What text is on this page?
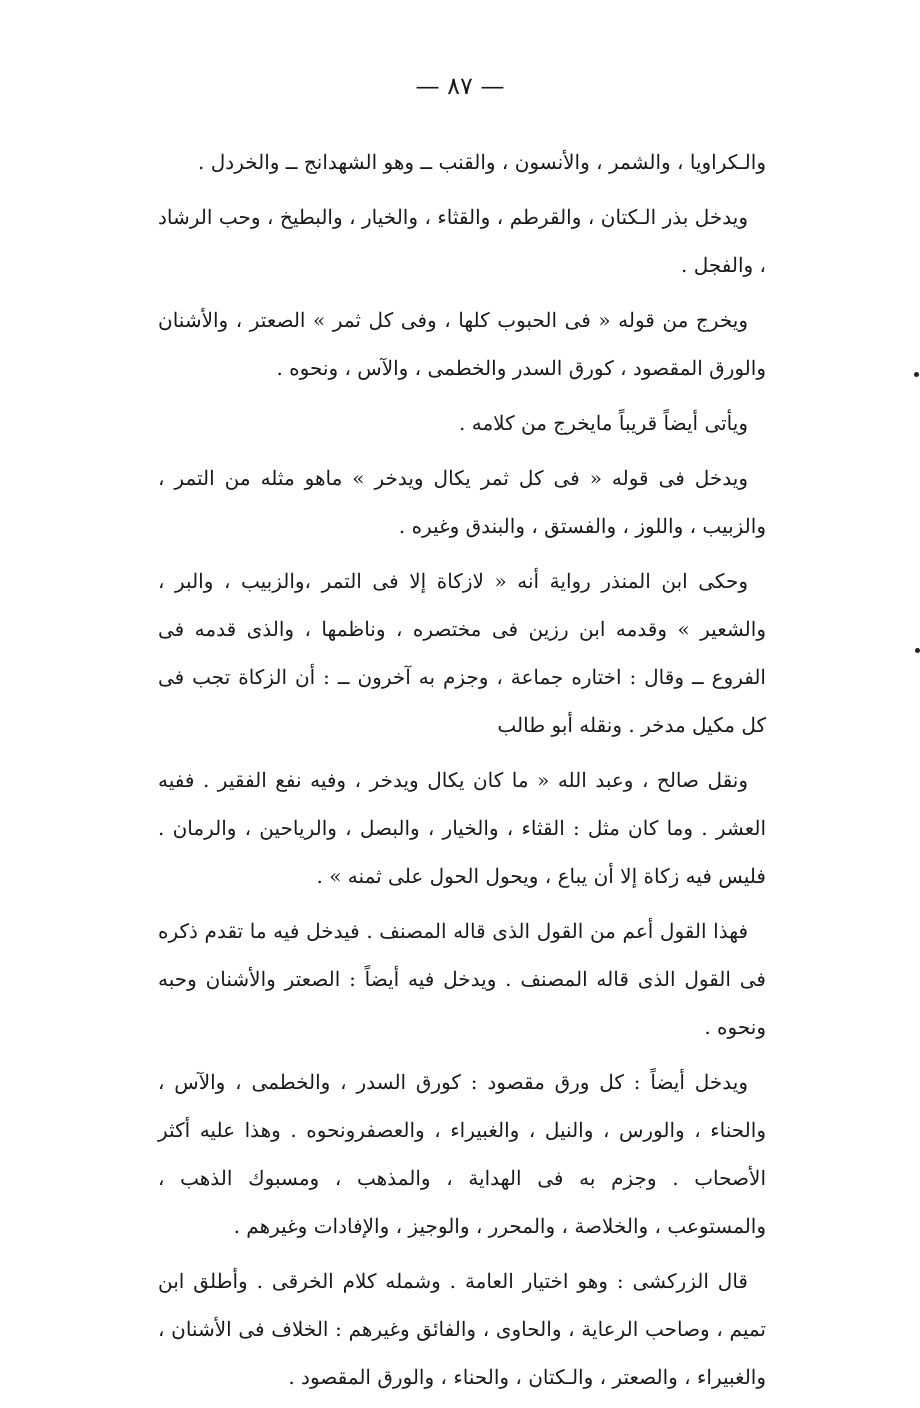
— ٨٧ —

والـكراويا ، والشمر ، والأنسون ، والقنب ــ وهو الشهدانج ــ والخردل .

ويدخل بذر الـكتان ، والقرطم ، والقثاء ، والخيار ، والبطيخ ، وحب الرشاد ، والفجل .

ويخرج من قوله « فى الحبوب كلها ، وفى كل ثمر » الصعتر ، والأشنان والورق المقصود ، كورق السدر والخطمى ، والآس ، ونحوه .

ويأتى أيضاً قريباً مايخرج من كلامه .

ويدخل فى قوله « فى كل ثمر يكال ويدخر » ماهو مثله من التمر ، والزبيب ، واللوز ، والفستق ، والبندق وغيره .

وحكى ابن المنذر رواية أنه « لازكاة إلا فى التمر ،والزبيب ، والبر ، والشعير » وقدمه ابن رزين فى مختصره ، وناظمها ، والذى قدمه فى الفروع ــ وقال : اختاره جماعة ، وجزم به آخرون ــ : أن الزكاة تجب فى كل مكيل مدخر . ونقله أبو طالب

ونقل صالح ، وعبد الله « ما كان يكال ويدخر ، وفيه نفع الفقير . ففيه العشر . وما كان مثل : القثاء ، والخيار ، والبصل ، والرياحين ، والرمان . فليس فيه زكاة إلا أن يباع ، ويحول الحول على ثمنه » .

فهذا القول أعم من القول الذى قاله المصنف . فيدخل فيه ما تقدم ذكره فى القول الذى قاله المصنف . ويدخل فيه أيضاً : الصعتر والأشنان وحبه ونحوه .

ويدخل أيضاً : كل ورق مقصود : كورق السدر ، والخطمى ، والآس ، والحناء ، والورس ، والنيل ، والغبيراء ، والعصفرونحوه . وهذا عليه أكثر الأصحاب . وجزم به فى الهداية ، والمذهب ، ومسبوك الذهب ، والمستوعب ، والخلاصة ، والمحرر ، والوجيز ، والإفادات وغيرهم .

قال الزركشى : وهو اختيار العامة . وشمله كلام الخرقى . وأطلق ابن تميم ، وصاحب الرعاية ، والحاوى ، والفائق وغيرهم : الخلاف فى الأشنان ، والغبيراء ، والصعتر ، والـكتان ، والحناء ، والورق المقصود .
